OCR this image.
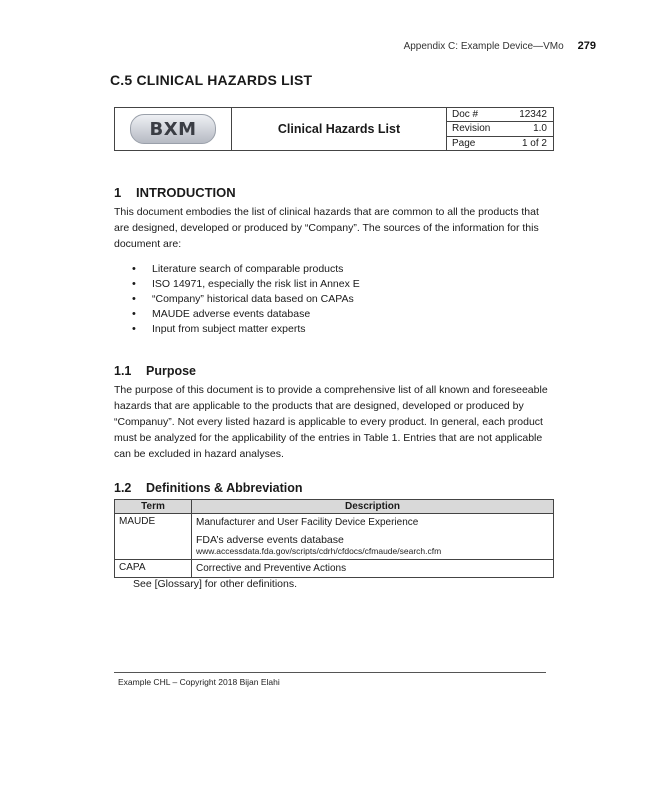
Appendix C: Example Device—VMo 279
C.5 CLINICAL HAZARDS LIST
BXM	Clinical Hazards List
Doc #	12342
Revision	1.0
Page	1 of 2
1 INTRODUCTION
This document embodies the list of clinical hazards that are common to all the products that are designed, developed or produced by “Company”. The sources of the information for this document are:
• Literature search of comparable products
• ISO 14971, especially the risk list in Annex E
• “Company” historical data based on CAPAs
• MAUDE adverse events database
• Input from subject matter experts
1.1 Purpose
The purpose of this document is to provide a comprehensive list of all known and foreseeable hazards that are applicable to the products that are designed, developed or produced by “Companuy”. Not every listed hazard is applicable to every product. In general, each product must be analyzed for the applicability of the entries in Table 1. Entries that are not applicable can be excluded in hazard analyses.
1.2 Definitions & Abbreviation
Term	Description
MAUDE	Manufacturer and User Facility Device Experience
FDA’s adverse events database
www.accessdata.fda.gov/scripts/cdrh/cfdocs/cfmaude/search.cfm

CAPA	Corrective and Preventive Actions
See [Glossary] for other definitions.
Example CHL – Copyright 2018 Bijan Elahi
